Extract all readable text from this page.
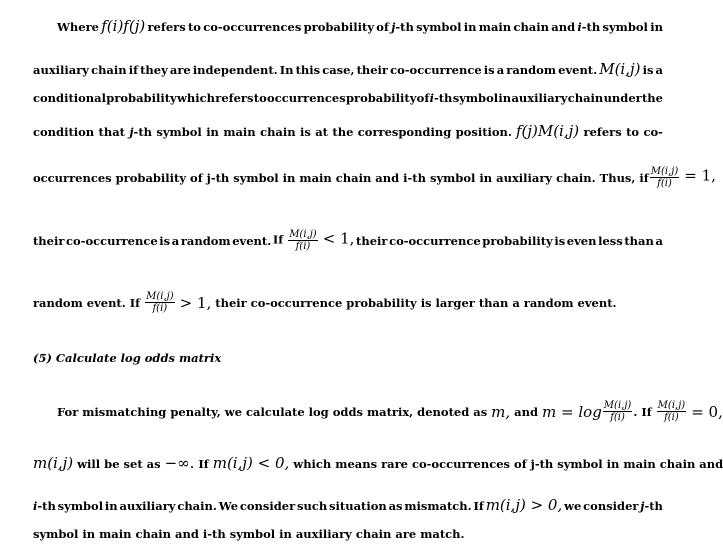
Where f(i)f(j) refers to co-occurrences probability of j-th symbol in main chain and i-th symbol in
auxiliary chain if they are independent. In this case, their co-occurrence is a random event. M(i,j) is a
conditional probability which refers to occurrences probability of i-th symbol in auxiliary chain under the
condition that j-th symbol in main chain is at the corresponding position. f(j)M(i,j) refers to co-
occurrences probability of j-th symbol in main chain and i-th symbol in auxiliary chain. Thus, if $\frac{M(i,j)}{f(i)} = 1$,
their co-occurrence is a random event. If $\frac{M(i,j)}{f(i)} < 1$, their co-occurrence probability is even less than a
random event. If $\frac{M(i,j)}{f(i)} > 1$, their co-occurrence probability is larger than a random event.
(5) Calculate log odds matrix
For mismatching penalty, we calculate log odds matrix, denoted as m, and $m = \log \frac{M(i,j)}{f(i)}$ . If $\frac{M(i,j)}{f(i)} = 0$,
m(i,j) will be set as −∞. If m(i,j) < 0, which means rare co-occurrences of j-th symbol in main chain and
i-th symbol in auxiliary chain. We consider such situation as mismatch. If m(i,j) > 0, we consider j-th
symbol in main chain and i-th symbol in auxiliary chain are match.
